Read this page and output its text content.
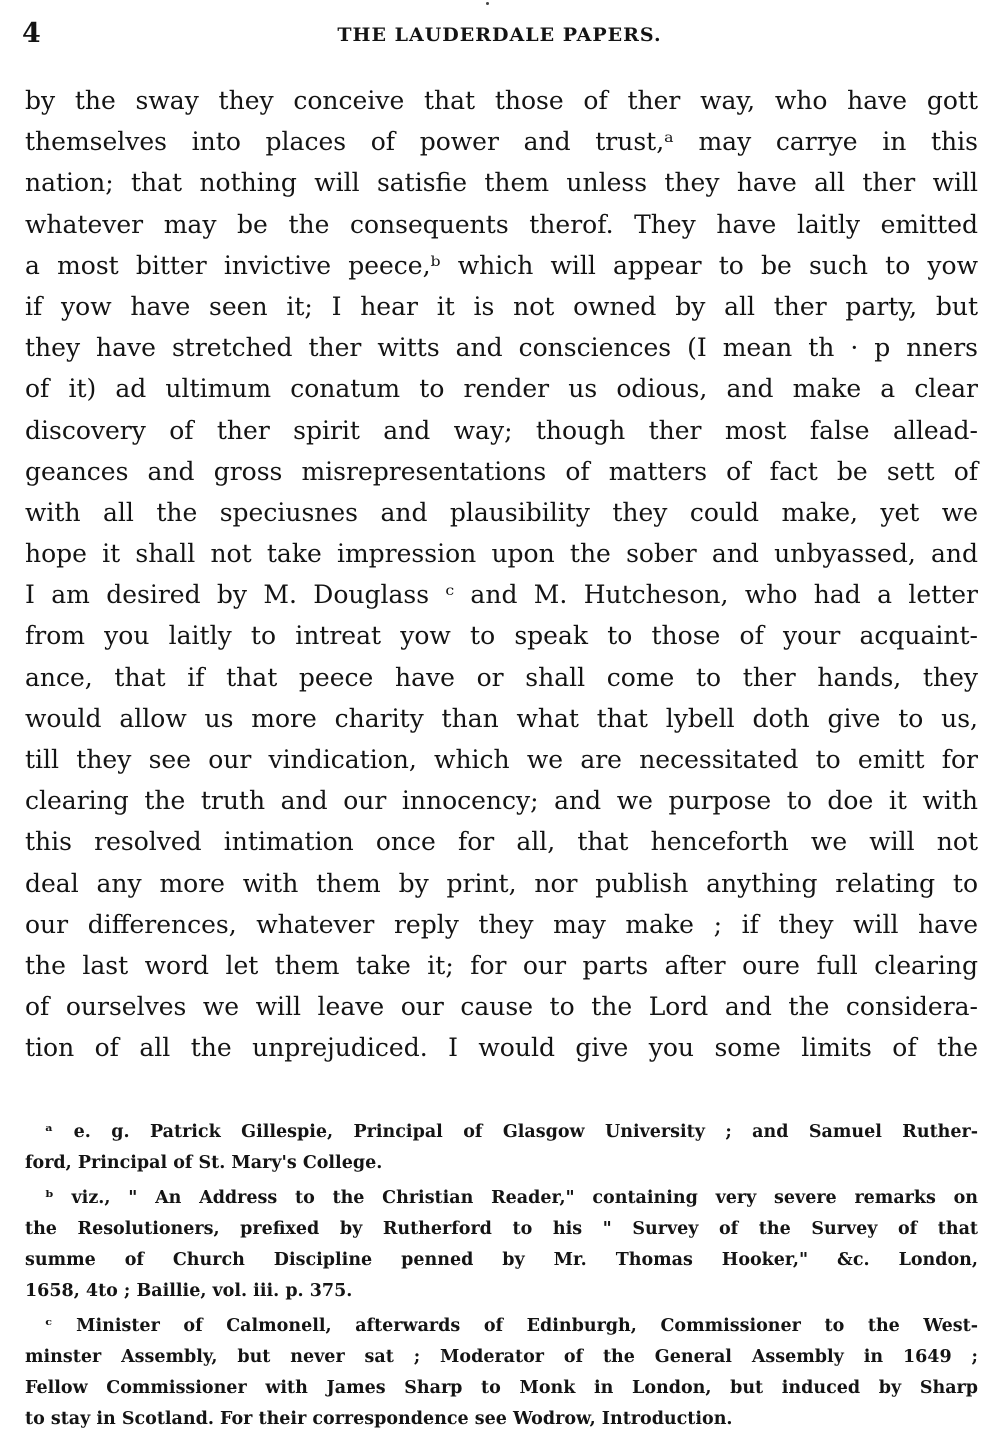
4	THE LAUDERDALE PAPERS.
by the sway they conceive that those of ther way, who have gott
themselves into places of power and trust,ᵃ may carrye in this
nation; that nothing will satisfie them unless they have all ther will
whatever may be the consequents therof. They have laitly emitted
a most bitter invictive peece,ᵇ which will appear to be such to yow
if yow have seen it; I hear it is not owned by all ther party, but
they have stretched ther witts and consciences (I mean th · p nners
of it) ad ultimum conatum to render us odious, and make a clear
discovery of ther spirit and way; though ther most false allead-
geances and gross misrepresentations of matters of fact be sett of
with all the speciusnes and plausibility they could make, yet we
hope it shall not take impression upon the sober and unbyassed, and
I am desired by M. Douglass ᶜ and M. Hutcheson, who had a letter
from you laitly to intreat yow to speak to those of your acquaint-
ance, that if that peece have or shall come to ther hands, they
would allow us more charity than what that lybell doth give to us,
till they see our vindication, which we are necessitated to emitt for
clearing the truth and our innocency; and we purpose to doe it with
this resolved intimation once for all, that henceforth we will not
deal any more with them by print, nor publish anything relating to
our differences, whatever reply they may make ; if they will have
the last word let them take it; for our parts after oure full clearing
of ourselves we will leave our cause to the Lord and the considera-
tion of all the unprejudiced. I would give you some limits of the
ᵃ e. g. Patrick Gillespie, Principal of Glasgow University ; and Samuel Ruther-
ford, Principal of St. Mary's College.
ᵇ viz., " An Address to the Christian Reader," containing very severe remarks on
the Resolutioners, prefixed by Rutherford to his " Survey of the Survey of that
summe of Church Discipline penned by Mr. Thomas Hooker," &c. London,
1658, 4to ; Baillie, vol. iii. p. 375.
ᶜ Minister of Calmonell, afterwards of Edinburgh, Commissioner to the West-
minster Assembly, but never sat ; Moderator of the General Assembly in 1649 ;
Fellow Commissioner with James Sharp to Monk in London, but induced by Sharp
to stay in Scotland. For their correspondence see Wodrow, Introduction.
